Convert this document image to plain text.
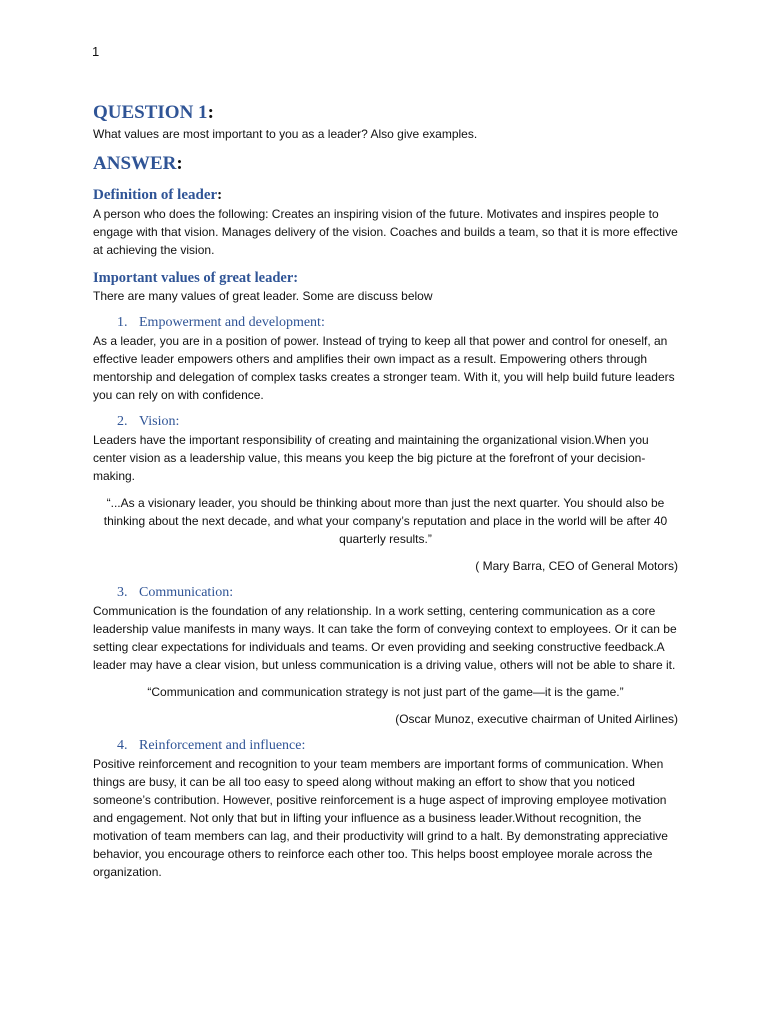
1
QUESTION 1:

What values are most important to you as a leader? Also give examples.

ANSWER:
Definition of leader:

A person who does the following: Creates an inspiring vision of the future. Motivates and inspires people to engage with that vision. Manages delivery of the vision. Coaches and builds a team, so that it is more effective at achieving the vision.

Important values of great leader:

There are many values of great leader. Some are discuss below

1. Empowerment and development:

As a leader, you are in a position of power. Instead of trying to keep all that power and control for oneself, an effective leader empowers others and amplifies their own impact as a result. Empowering others through mentorship and delegation of complex tasks creates a stronger team. With it, you will help build future leaders you can rely on with confidence.

2. Vision:

Leaders have the important responsibility of creating and maintaining the organizational vision.When you center vision as a leadership value, this means you keep the big picture at the forefront of your decision-making.

“...As a visionary leader, you should be thinking about more than just the next quarter. You should also be thinking about the next decade, and what your company’s reputation and place in the world will be after 40 quarterly results.”

( Mary Barra, CEO of General Motors)

3. Communication:

Communication is the foundation of any relationship. In a work setting, centering communication as a core leadership value manifests in many ways. It can take the form of conveying context to employees. Or it can be setting clear expectations for individuals and teams. Or even providing and seeking constructive feedback.A leader may have a clear vision, but unless communication is a driving value, others will not be able to share it.

“Communication and communication strategy is not just part of the game—it is the game.”

(Oscar Munoz, executive chairman of United Airlines)

4. Reinforcement and influence:

Positive reinforcement and recognition to your team members are important forms of communication. When things are busy, it can be all too easy to speed along without making an effort to show that you noticed someone’s contribution. However, positive reinforcement is a huge aspect of improving employee motivation and engagement. Not only that but in lifting your influence as a business leader.Without recognition, the motivation of team members can lag, and their productivity will grind to a halt. By demonstrating appreciative behavior, you encourage others to reinforce each other too. This helps boost employee morale across the organization.
